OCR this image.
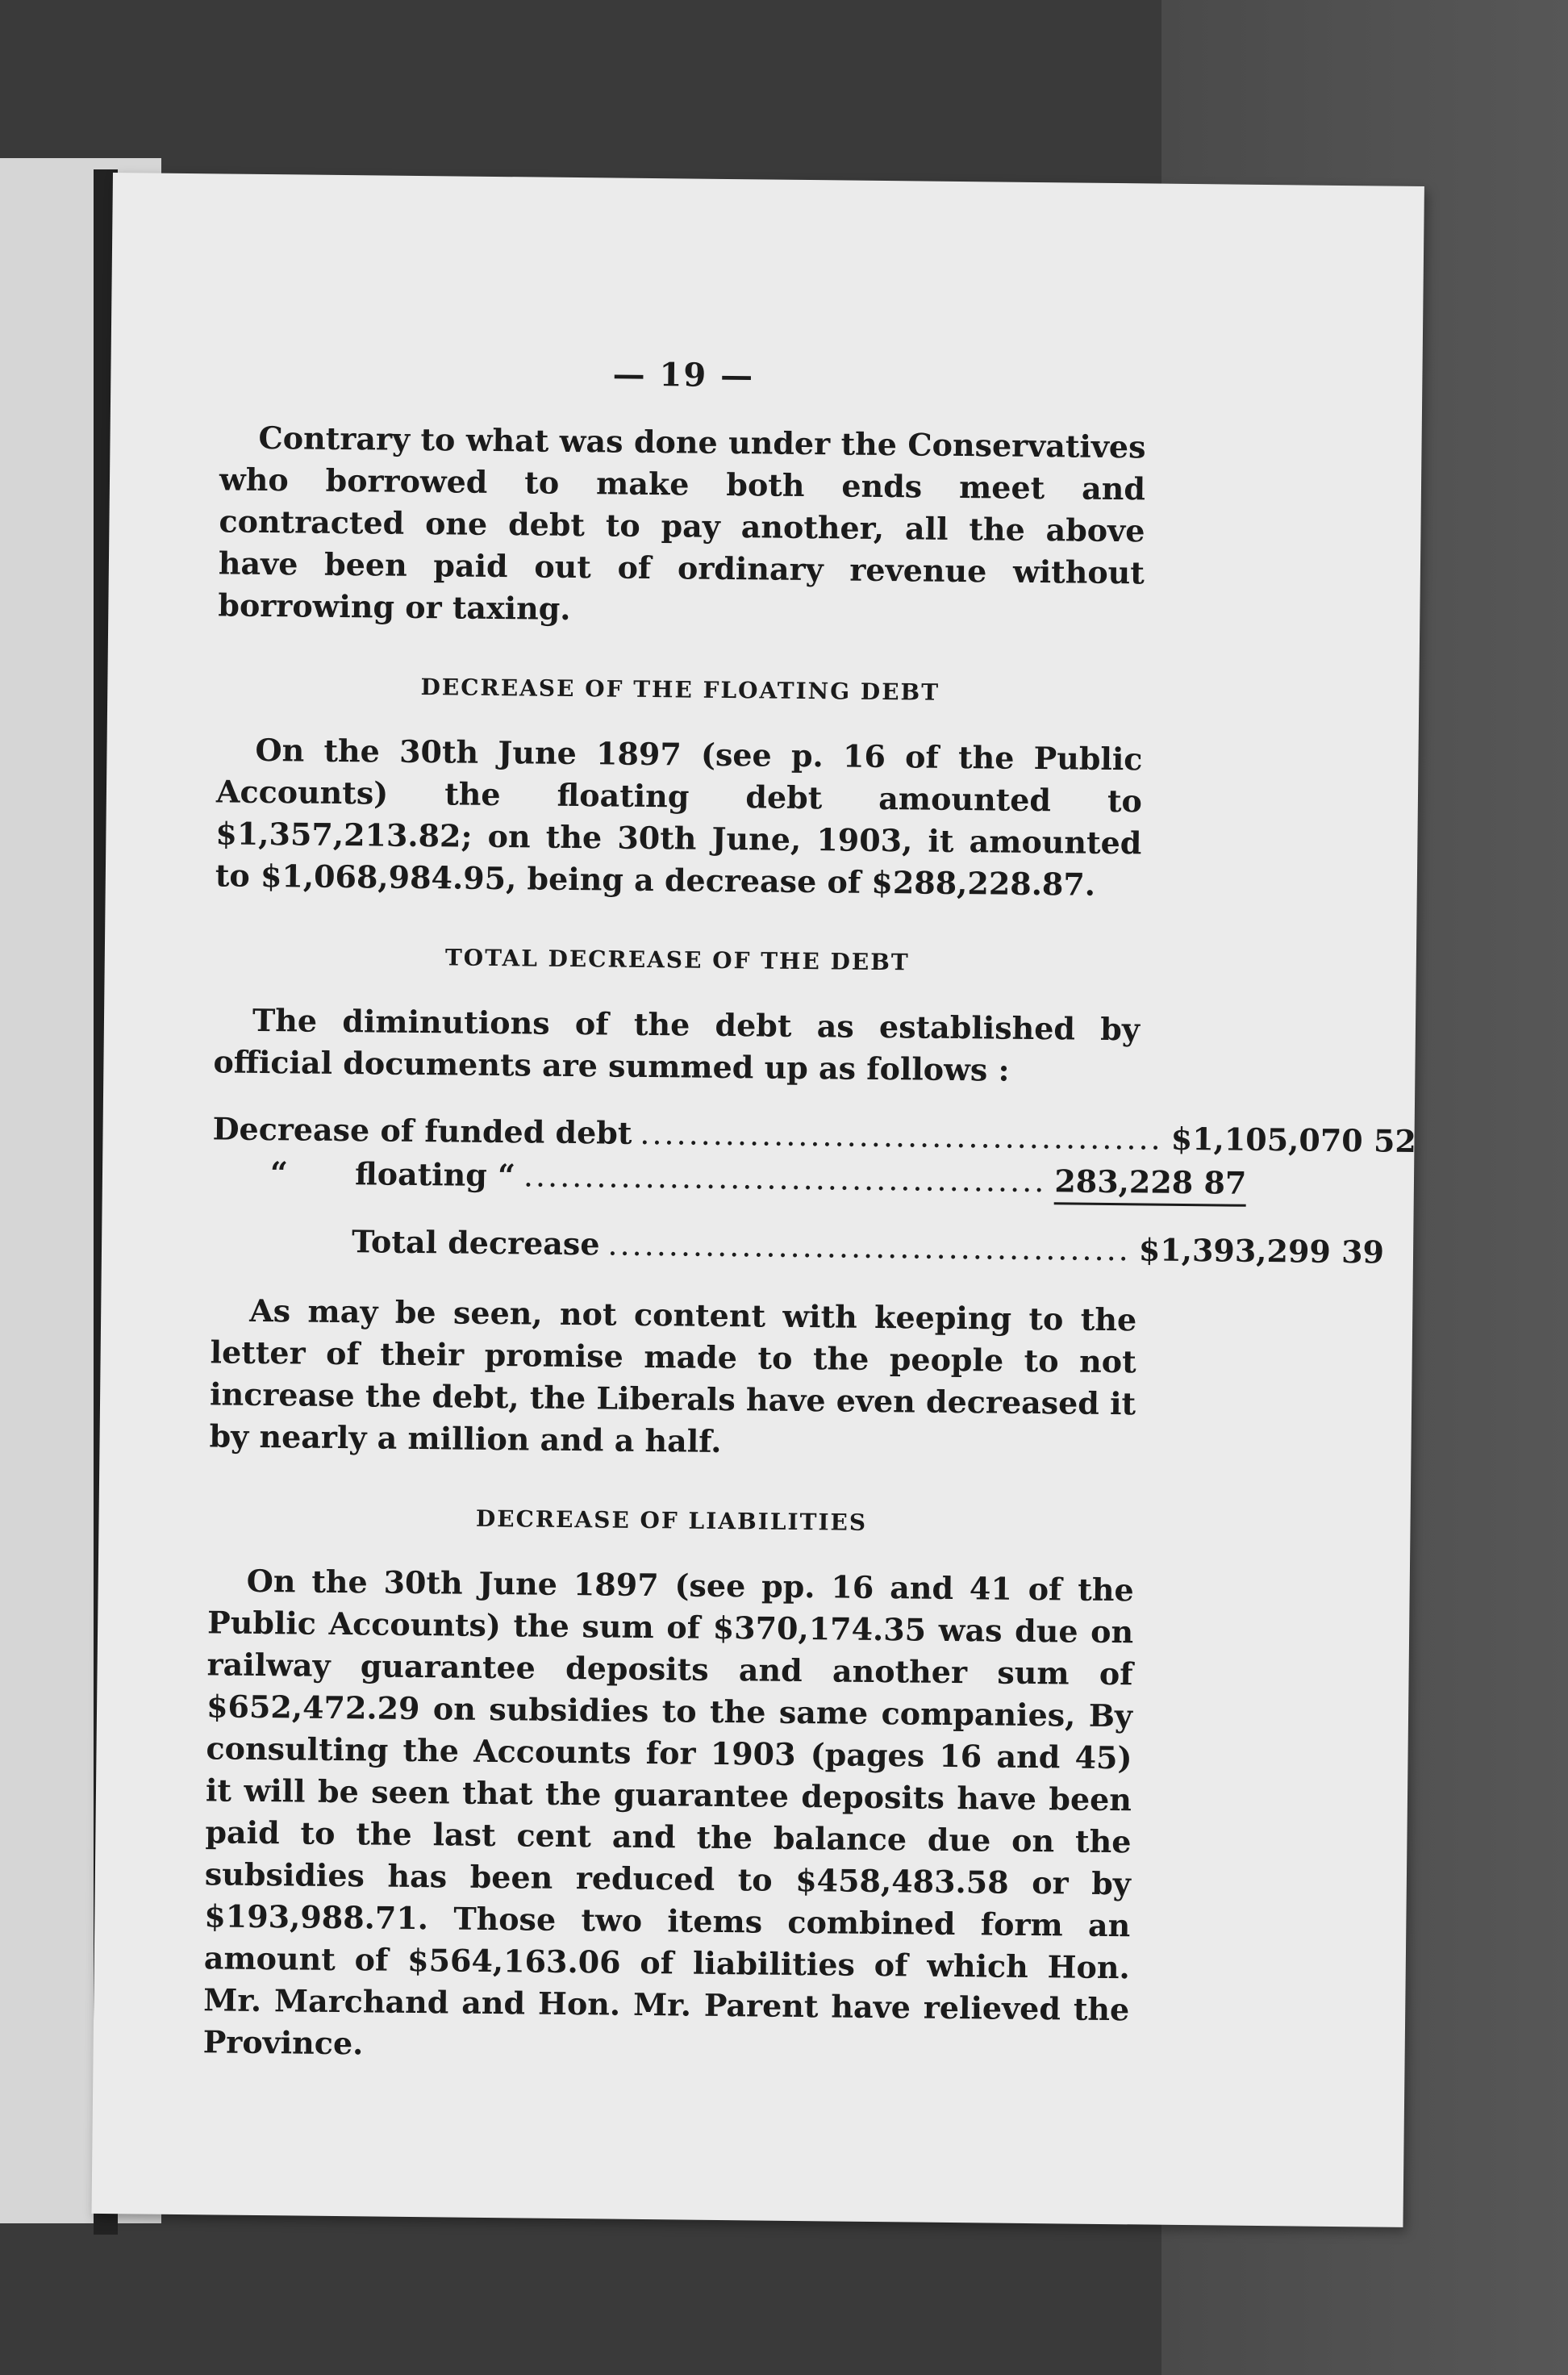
— 19 —

Contrary to what was done under the Conservatives who borrowed to make both ends meet and contracted one debt to pay another, all the above have been paid out of ordinary revenue without borrowing or taxing.

DECREASE OF THE FLOATING DEBT

On the 30th June 1897 (see p. 16 of the Public Accounts) the floating debt amounted to $1,357,213.82; on the 30th June, 1903, it amounted to $1,068,984.95, being a decrease of $288,228.87.

TOTAL DECREASE OF THE DEBT

The diminutions of the debt as established by official documents are summed up as follows :

Decrease of funded debt ........................................... $1,105,070 52
“ floating “ ........................................... 283,228 87
Total decrease ........................................... $1,393,299 39

As may be seen, not content with keeping to the letter of their promise made to the people to not increase the debt, the Liberals have even decreased it by nearly a million and a half.

DECREASE OF LIABILITIES

On the 30th June 1897 (see pp. 16 and 41 of the Public Accounts) the sum of $370,174.35 was due on railway guarantee deposits and another sum of $652,472.29 on subsidies to the same companies, By consulting the Accounts for 1903 (pages 16 and 45) it will be seen that the guarantee deposits have been paid to the last cent and the balance due on the subsidies has been reduced to $458,483.58 or by $193,988.71. Those two items combined form an amount of $564,163.06 of liabilities of which Hon. Mr. Marchand and Hon. Mr. Parent have relieved the Province.
